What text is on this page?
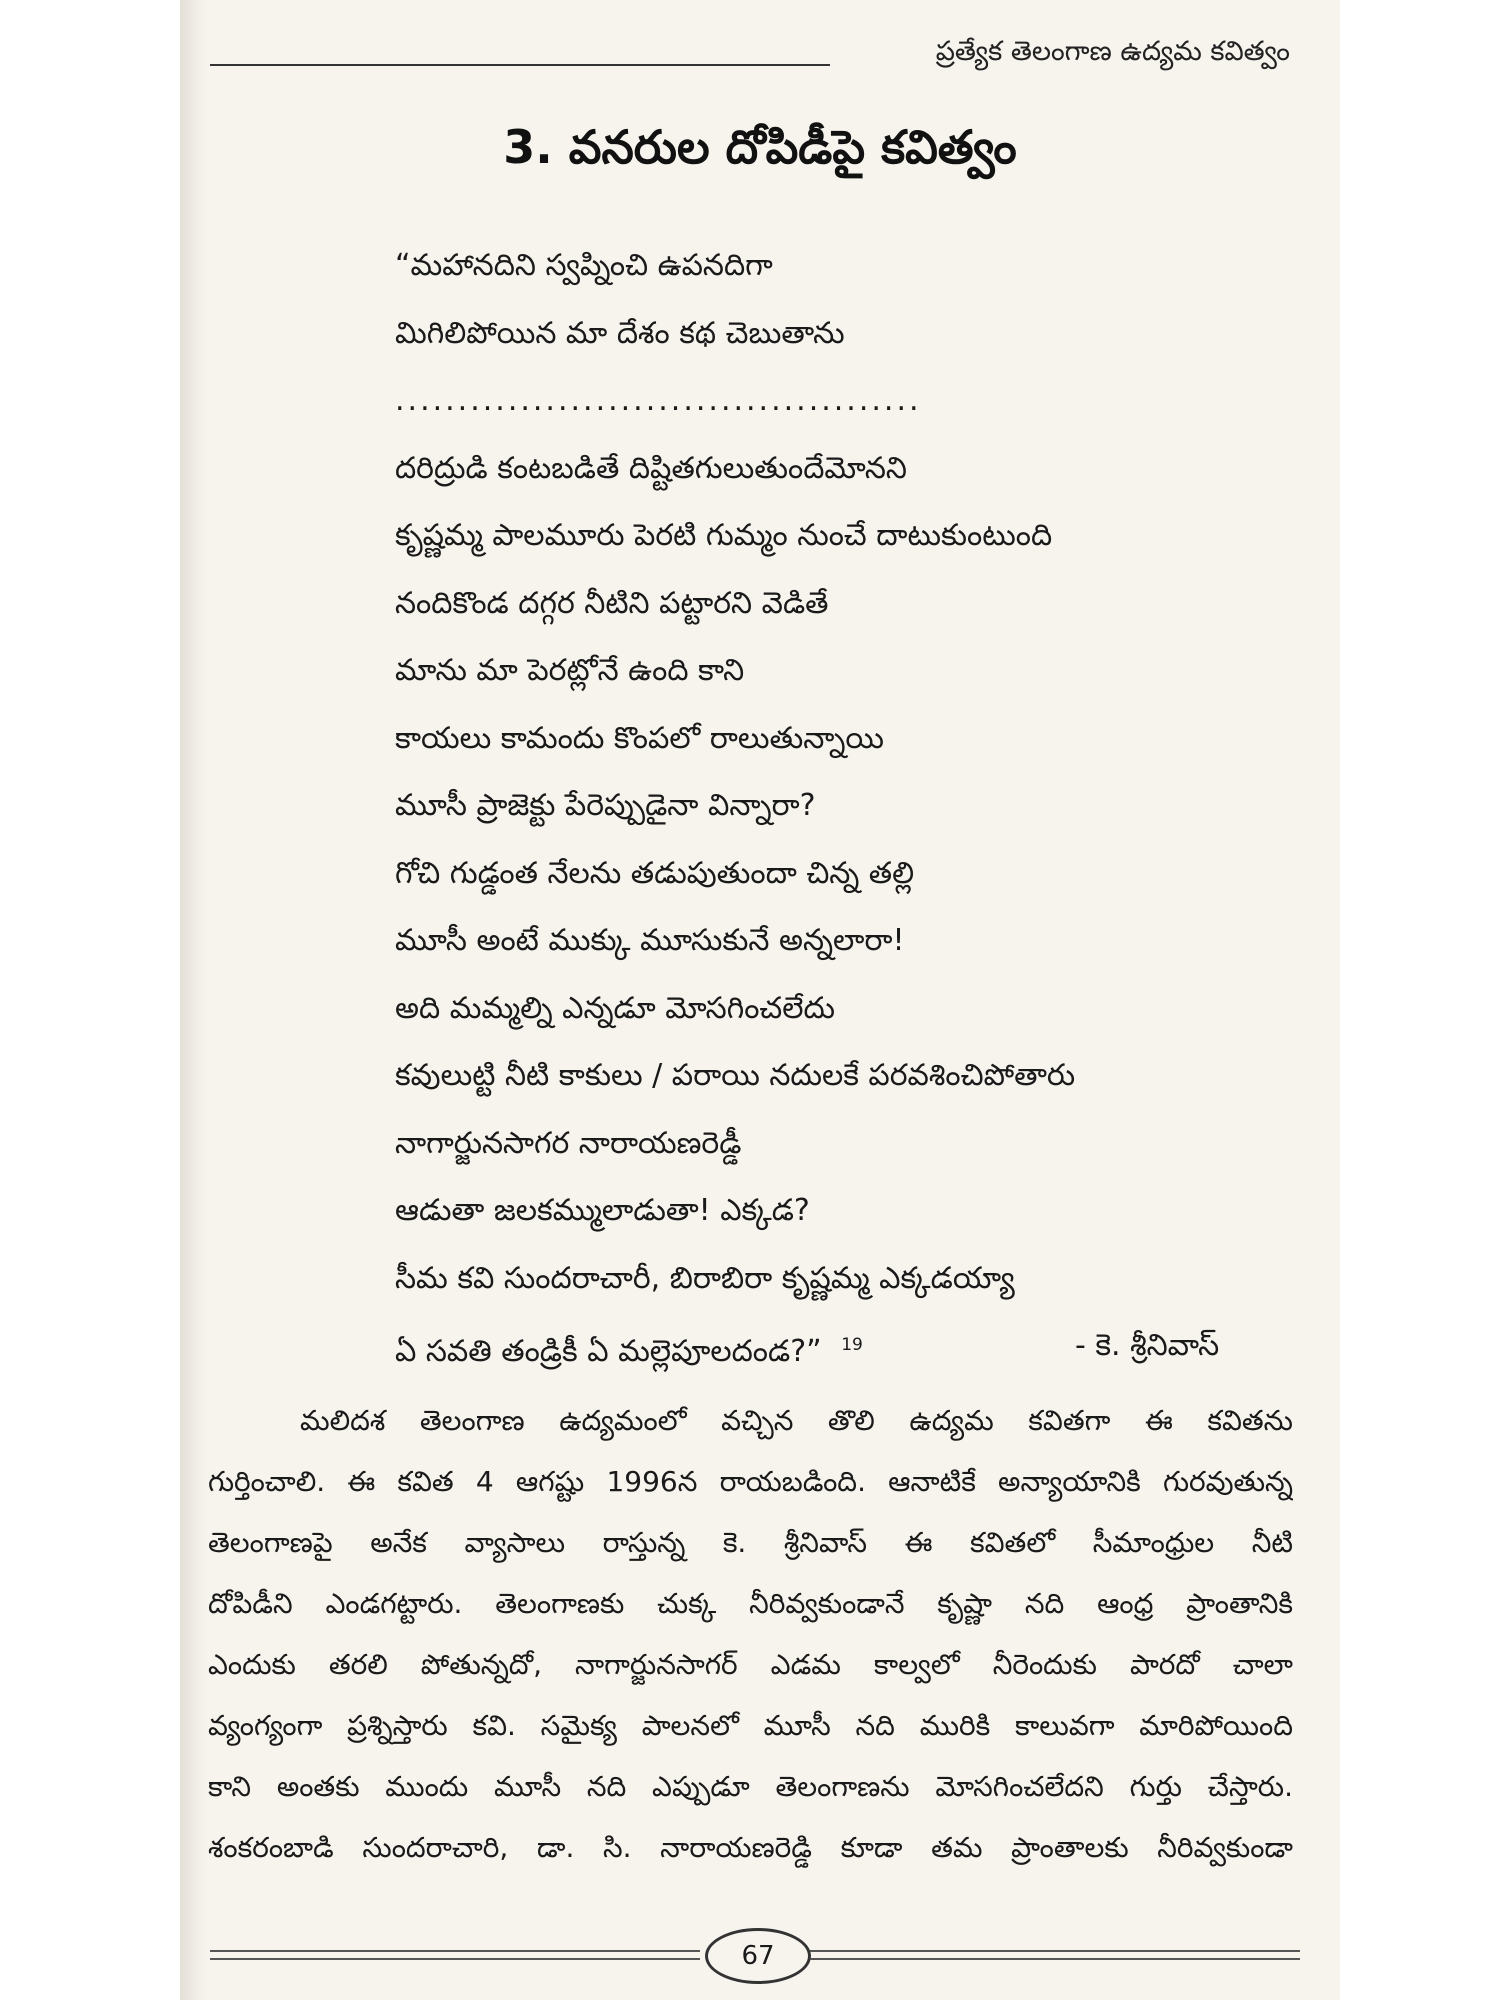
ప్రత్యేక తెలంగాణ ఉద్యమ కవిత్వం
3. వనరుల దోపిడీపై కవిత్వం
“మహానదిని స్వప్నించి ఉపనదిగా
మిగిలిపోయిన మా దేశం కథ చెబుతాను
..........................................
దరిద్రుడి కంటబడితే దిష్టితగులుతుందేమోనని
కృష్ణమ్మ పాలమూరు పెరటి గుమ్మం నుంచే దాటుకుంటుంది
నందికొండ దగ్గర నీటిని పట్టారని వెడితే
మాను మా పెరట్లోనే ఉంది కాని
కాయలు కామందు కొంపలో రాలుతున్నాయి
మూసీ ప్రాజెక్టు పేరెప్పుడైనా విన్నారా?
గోచి గుడ్డంత నేలను తడుపుతుందా చిన్న తల్లి
మూసీ అంటే ముక్కు మూసుకునే అన్నలారా!
అది మమ్మల్ని ఎన్నడూ మోసగించలేదు
కవులుట్టి నీటి కాకులు / పరాయి నదులకే పరవశించిపోతారు
నాగార్జునసాగర నారాయణరెడ్డీ
ఆడుతా జలకమ్ములాడుతా! ఎక్కడ?
సీమ కవి సుందరాచారీ, బిరాబిరా కృష్ణమ్మ ఎక్కడయ్యా
ఏ సవతి తండ్రికీ ఏ మల్లెపూలదండ?” $^{19}$	- కె. శ్రీనివాస్
మలిదశ తెలంగాణ ఉద్యమంలో వచ్చిన తొలి ఉద్యమ కవితగా ఈ కవితను
గుర్తించాలి. ఈ కవిత 4 ఆగష్టు 1996న రాయబడింది. ఆనాటికే అన్యాయానికి గురవుతున్న
తెలంగాణపై అనేక వ్యాసాలు రాస్తున్న కె. శ్రీనివాస్ ఈ కవితలో సీమాంధ్రుల నీటి
దోపిడీని ఎండగట్టారు. తెలంగాణకు చుక్క నీరివ్వకుండానే కృష్ణా నది ఆంధ్ర ప్రాంతానికి
ఎందుకు తరలి పోతున్నదో, నాగార్జునసాగర్ ఎడమ కాల్వలో నీరెందుకు పారదో చాలా
వ్యంగ్యంగా ప్రశ్నిస్తారు కవి. సమైక్య పాలనలో మూసీ నది మురికి కాలువగా మారిపోయింది
కాని అంతకు ముందు మూసీ నది ఎప్పుడూ తెలంగాణను మోసగించలేదని గుర్తు చేస్తారు.
శంకరంబాడి సుందరాచారి, డా. సి. నారాయణరెడ్డి కూడా తమ ప్రాంతాలకు నీరివ్వకుండా
67
